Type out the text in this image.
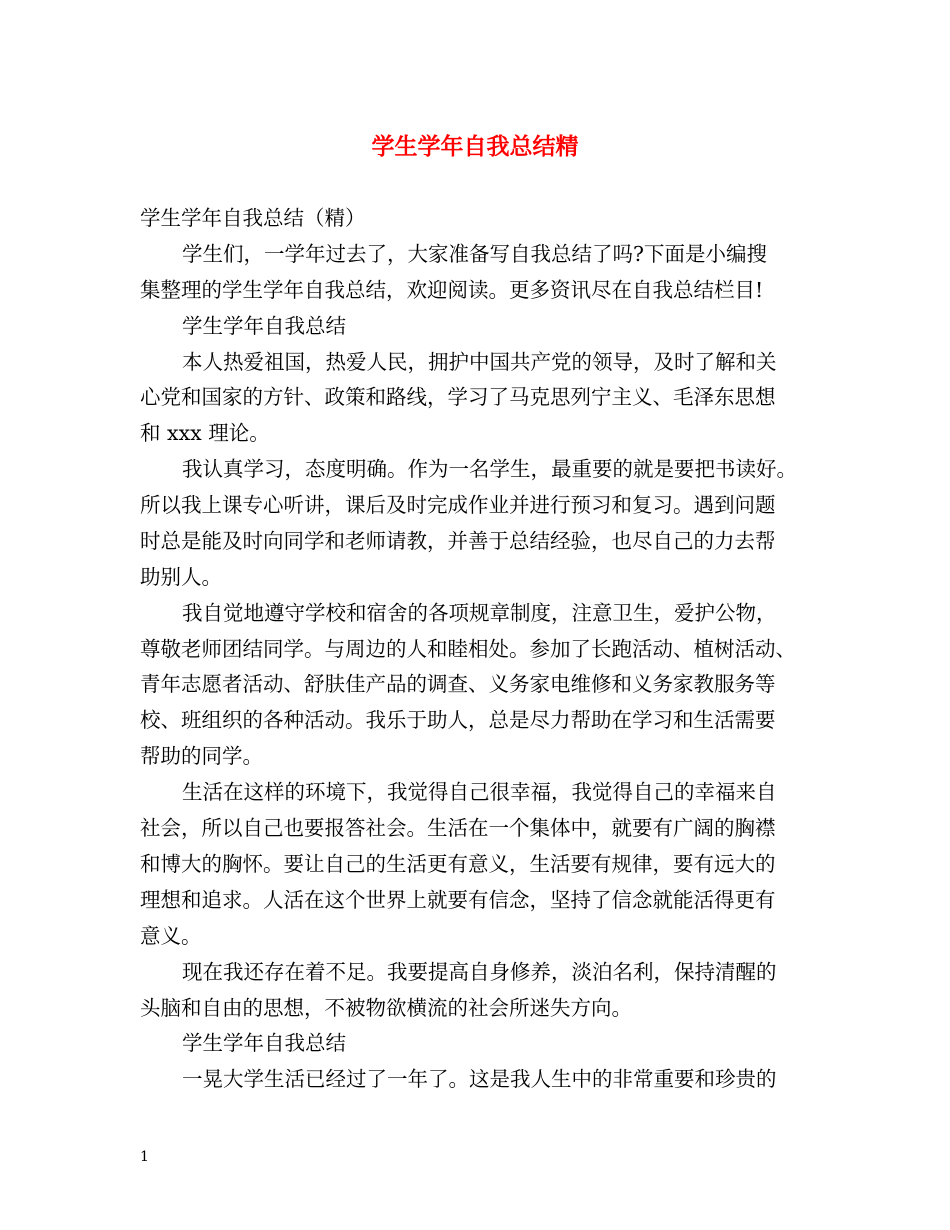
学生学年自我总结精
学生学年自我总结（精）
学生们，一学年过去了，大家准备写自我总结了吗?下面是小编搜
集整理的学生学年自我总结，欢迎阅读。更多资讯尽在自我总结栏目!
学生学年自我总结
本人热爱祖国，热爱人民，拥护中国共产党的领导，及时了解和关
心党和国家的方针、政策和路线，学习了马克思列宁主义、毛泽东思想
和 xxx 理论。
我认真学习，态度明确。作为一名学生，最重要的就是要把书读好。
所以我上课专心听讲，课后及时完成作业并进行预习和复习。遇到问题
时总是能及时向同学和老师请教，并善于总结经验，也尽自己的力去帮
助别人。
我自觉地遵守学校和宿舍的各项规章制度，注意卫生，爱护公物，
尊敬老师团结同学。与周边的人和睦相处。参加了长跑活动、植树活动、
青年志愿者活动、舒肤佳产品的调查、义务家电维修和义务家教服务等
校、班组织的各种活动。我乐于助人，总是尽力帮助在学习和生活需要
帮助的同学。
生活在这样的环境下，我觉得自己很幸福，我觉得自己的幸福来自
社会，所以自己也要报答社会。生活在一个集体中，就要有广阔的胸襟
和博大的胸怀。要让自己的生活更有意义，生活要有规律，要有远大的
理想和追求。人活在这个世界上就要有信念，坚持了信念就能活得更有
意义。
现在我还存在着不足。我要提高自身修养，淡泊名利，保持清醒的
头脑和自由的思想，不被物欲横流的社会所迷失方向。
学生学年自我总结
一晃大学生活已经过了一年了。这是我人生中的非常重要和珍贵的
1
